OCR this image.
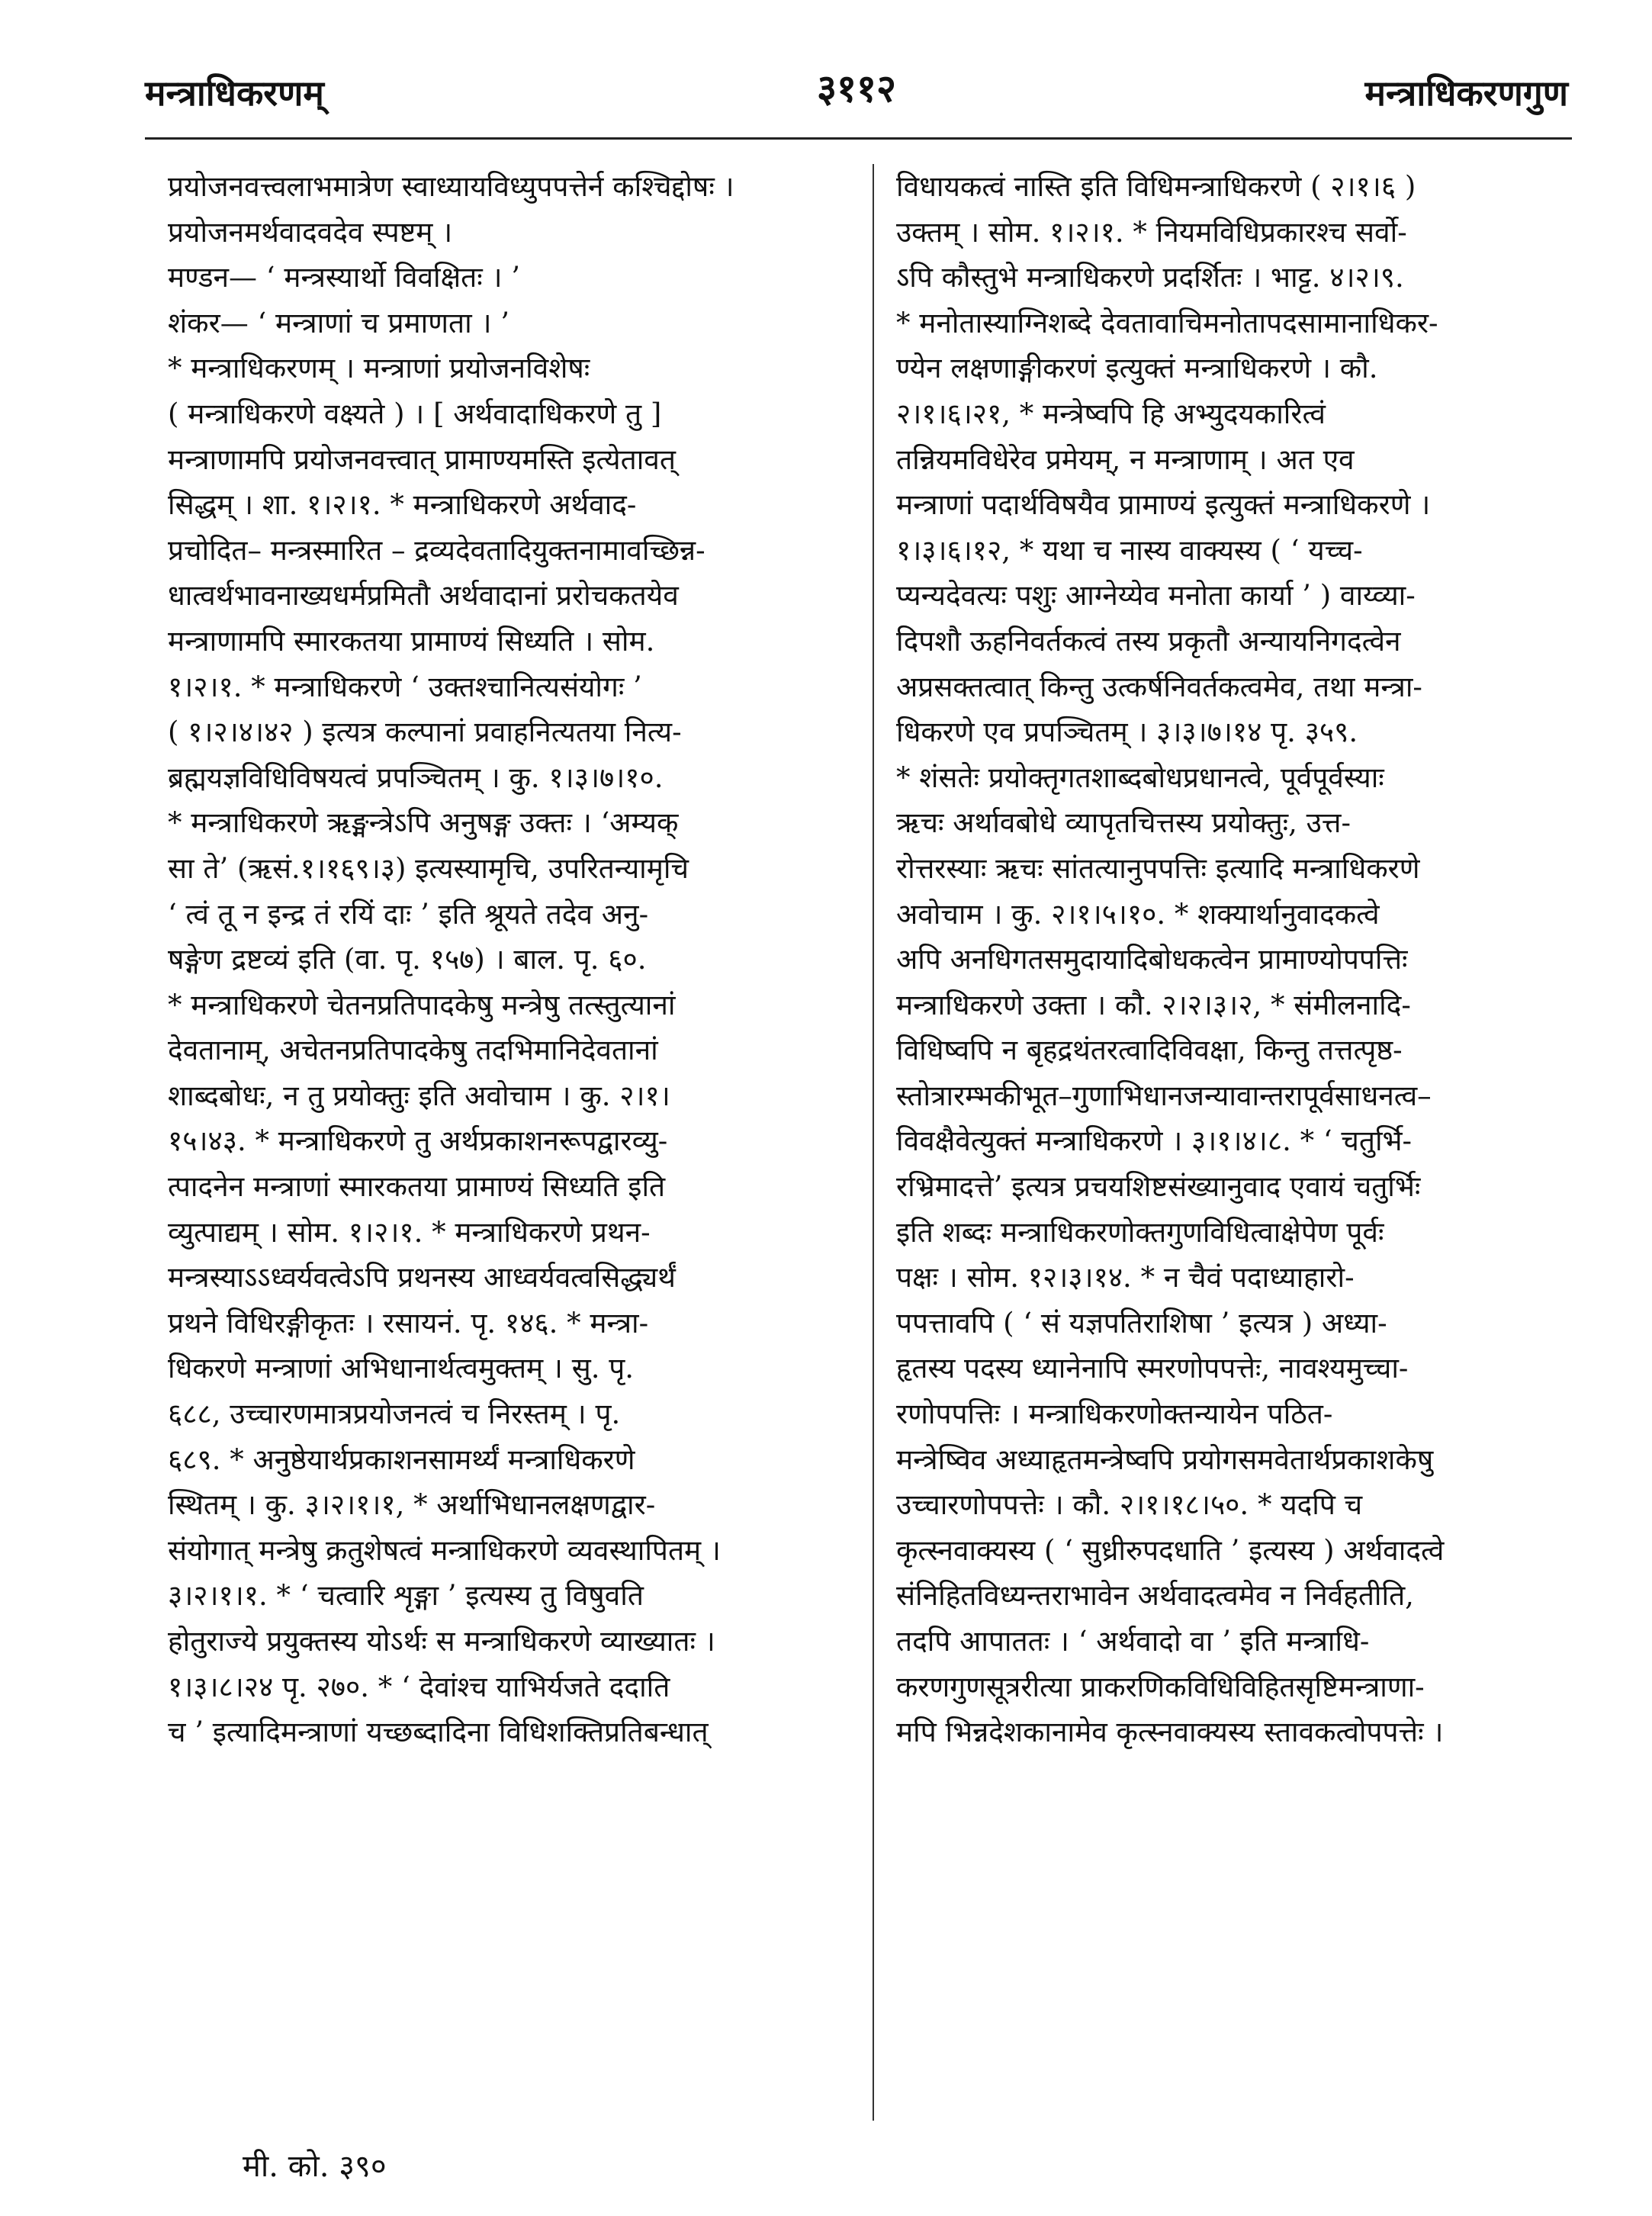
मन्त्राधिकरणम्	३११२	मन्त्राधिकरणगुण
प्रयोजनवत्त्वलाभमात्रेण स्वाध्यायविध्युपपत्तेर्न कश्चिद्दोषः ।
प्रयोजनमर्थवादवदेव स्पष्टम् ।
मण्डन— ‘ मन्त्रस्यार्थो विवक्षितः । ’
शंकर— ‘ मन्त्राणां च प्रमाणता । ’
* मन्त्राधिकरणम् । मन्त्राणां प्रयोजनविशेषः
( मन्त्राधिकरणे वक्ष्यते ) । [ अर्थवादाधिकरणे तु ]
मन्त्राणामपि प्रयोजनवत्त्वात् प्रामाण्यमस्ति इत्येतावत्
सिद्धम् । शा. १।२।१. * मन्त्राधिकरणे अर्थवाद-
प्रचोदित– मन्त्रस्मारित – द्रव्यदेवतादियुक्तनामावच्छिन्न-
धात्वर्थभावनाख्यधर्मप्रमितौ अर्थवादानां प्ररोचकतयेव
मन्त्राणामपि स्मारकतया प्रामाण्यं सिध्यति । सोम.
१।२।१. * मन्त्राधिकरणे ‘ उक्तश्चानित्यसंयोगः ’
( १।२।४।४२ ) इत्यत्र कल्पानां प्रवाहनित्यतया नित्य-
ब्रह्मयज्ञविधिविषयत्वं प्रपञ्चितम् । कु. १।३।७।१०.
* मन्त्राधिकरणे ऋङ्मन्त्रेऽपि अनुषङ्ग उक्तः । ‘अम्यक्
सा ते’ (ऋसं.१।१६९।३) इत्यस्यामृचि, उपरितन्यामृचि
‘ त्वं तू न इन्द्र तं रयिं दाः ’ इति श्रूयते तदेव अनु-
षङ्गेण द्रष्टव्यं इति (वा. पृ. १५७) । बाल. पृ. ६०.
* मन्त्राधिकरणे चेतनप्रतिपादकेषु मन्त्रेषु तत्स्तुत्यानां
देवतानाम्, अचेतनप्रतिपादकेषु तदभिमानिदेवतानां
शाब्दबोधः, न तु प्रयोक्तुः इति अवोचाम । कु. २।१।
१५।४३. * मन्त्राधिकरणे तु अर्थप्रकाशनरूपद्वारव्यु-
त्पादनेन मन्त्राणां स्मारकतया प्रामाण्यं सिध्यति इति
व्युत्पाद्यम् । सोम. १।२।१. * मन्त्राधिकरणे प्रथन-
मन्त्रस्याऽऽध्वर्यवत्वेऽपि प्रथनस्य आध्वर्यवत्वसिद्ध्यर्थं
प्रथने विधिरङ्गीकृतः । रसायनं. पृ. १४६. * मन्त्रा-
धिकरणे मन्त्राणां अभिधानार्थत्वमुक्तम् । सु. पृ.
६८८, उच्चारणमात्रप्रयोजनत्वं च निरस्तम् । पृ.
६८९. * अनुष्ठेयार्थप्रकाशनसामर्थ्यं मन्त्राधिकरणे
स्थितम् । कु. ३।२।१।१, * अर्थाभिधानलक्षणद्वार-
संयोगात् मन्त्रेषु क्रतुशेषत्वं मन्त्राधिकरणे व्यवस्थापितम् ।
३।२।१।१. * ‘ चत्वारि शृङ्गा ’ इत्यस्य तु विषुवति
होतुराज्ये प्रयुक्तस्य योऽर्थः स मन्त्राधिकरणे व्याख्यातः ।
१।३।८।२४ पृ. २७०. * ‘ देवांश्च याभिर्यजते ददाति
च ’ इत्यादिमन्त्राणां यच्छब्दादिना विधिशक्तिप्रतिबन्धात्
विधायकत्वं नास्ति इति विधिमन्त्राधिकरणे ( २।१।६ )
उक्तम् । सोम. १।२।१. * नियमविधिप्रकारश्च सर्वो-
ऽपि कौस्तुभे मन्त्राधिकरणे प्रदर्शितः । भाट्ट. ४।२।९.
* मनोतास्याग्निशब्दे देवतावाचिमनोतापदसामानाधिकर-
ण्येन लक्षणाङ्गीकरणं इत्युक्तं मन्त्राधिकरणे । कौ.
२।१।६।२१, * मन्त्रेष्वपि हि अभ्युदयकारित्वं
तन्नियमविधेरेव प्रमेयम्, न मन्त्राणाम् । अत एव
मन्त्राणां पदार्थविषयैव प्रामाण्यं इत्युक्तं मन्त्राधिकरणे ।
१।३।६।१२, * यथा च नास्य वाक्यस्य ( ‘ यच्च-
प्यन्यदेवत्यः पशुः आग्नेय्येव मनोता कार्या ’ ) वाय्व्या-
दिपशौ ऊहनिवर्तकत्वं तस्य प्रकृतौ अन्यायनिगदत्वेन
अप्रसक्तत्वात् किन्तु उत्कर्षनिवर्तकत्वमेव, तथा मन्त्रा-
धिकरणे एव प्रपञ्चितम् । ३।३।७।१४ पृ. ३५९.
* शंसतेः प्रयोक्तृगतशाब्दबोधप्रधानत्वे, पूर्वपूर्वस्याः
ऋचः अर्थावबोधे व्यापृतचित्तस्य प्रयोक्तुः, उत्त-
रोत्तरस्याः ऋचः सांतत्यानुपपत्तिः इत्यादि मन्त्राधिकरणे
अवोचाम । कु. २।१।५।१०. * शक्यार्थानुवादकत्वे
अपि अनधिगतसमुदायादिबोधकत्वेन प्रामाण्योपपत्तिः
मन्त्राधिकरणे उक्ता । कौ. २।२।३।२, * संमीलनादि-
विधिष्वपि न बृहद्रथंतरत्वादिविवक्षा, किन्तु तत्तत्पृष्ठ-
स्तोत्रारम्भकीभूत–गुणाभिधानजन्यावान्तरापूर्वसाधनत्व–
विवक्षैवेत्युक्तं मन्त्राधिकरणे । ३।१।४।८. * ‘ चतुर्भि-
रभ्रिमादत्ते’ इत्यत्र प्रचयशिष्टसंख्यानुवाद एवायं चतुर्भिः
इति शब्दः मन्त्राधिकरणोक्तगुणविधित्वाक्षेपेण पूर्वः
पक्षः । सोम. १२।३।१४. * न चैवं पदाध्याहारो-
पपत्तावपि ( ‘ सं यज्ञपतिराशिषा ’ इत्यत्र ) अध्या-
हृतस्य पदस्य ध्यानेनापि स्मरणोपपत्तेः, नावश्यमुच्चा-
रणोपपत्तिः । मन्त्राधिकरणोक्तन्यायेन पठित-
मन्त्रेष्विव अध्याहृतमन्त्रेष्वपि प्रयोगसमवेतार्थप्रकाशकेषु
उच्चारणोपपत्तेः । कौ. २।१।१८।५०. * यदपि च
कृत्स्नवाक्यस्य ( ‘ सुध्रीरुपदधाति ’ इत्यस्य ) अर्थवादत्वे
संनिहितविध्यन्तराभावेन अर्थवादत्वमेव न निर्वहतीति,
तदपि आपाततः । ‘ अर्थवादो वा ’ इति मन्त्राधि-
करणगुणसूत्ररीत्या प्राकरणिकविधिविहितसृष्टिमन्त्राणा-
मपि भिन्नदेशकानामेव कृत्स्नवाक्यस्य स्तावकत्वोपपत्तेः ।
मी. को. ३९०
